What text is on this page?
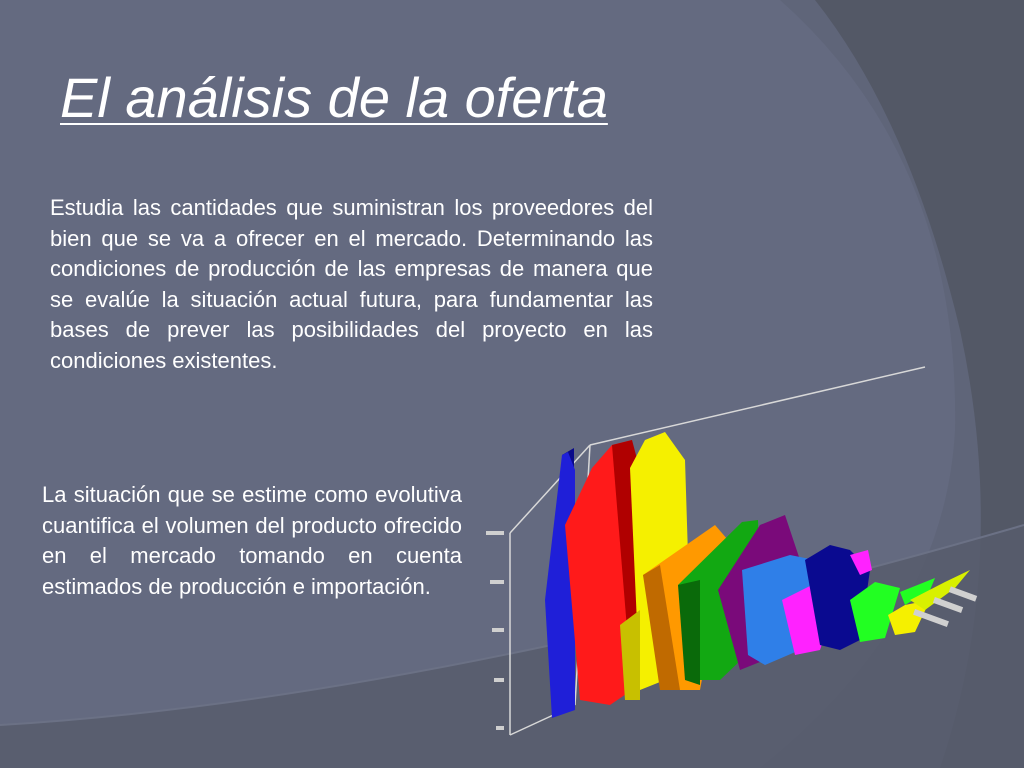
El análisis de la oferta

Estudia las cantidades que suministran los proveedores del bien que se va a ofrecer en el mercado. Determinando las condiciones de producción de las empresas de manera que se evalúe la situación actual futura, para fundamentar las bases de prever las posibilidades del proyecto en las condiciones existentes.

La situación que se estime como evolutiva cuantifica el volumen del producto ofrecido en el mercado tomando en cuenta estimados de producción e importación.
